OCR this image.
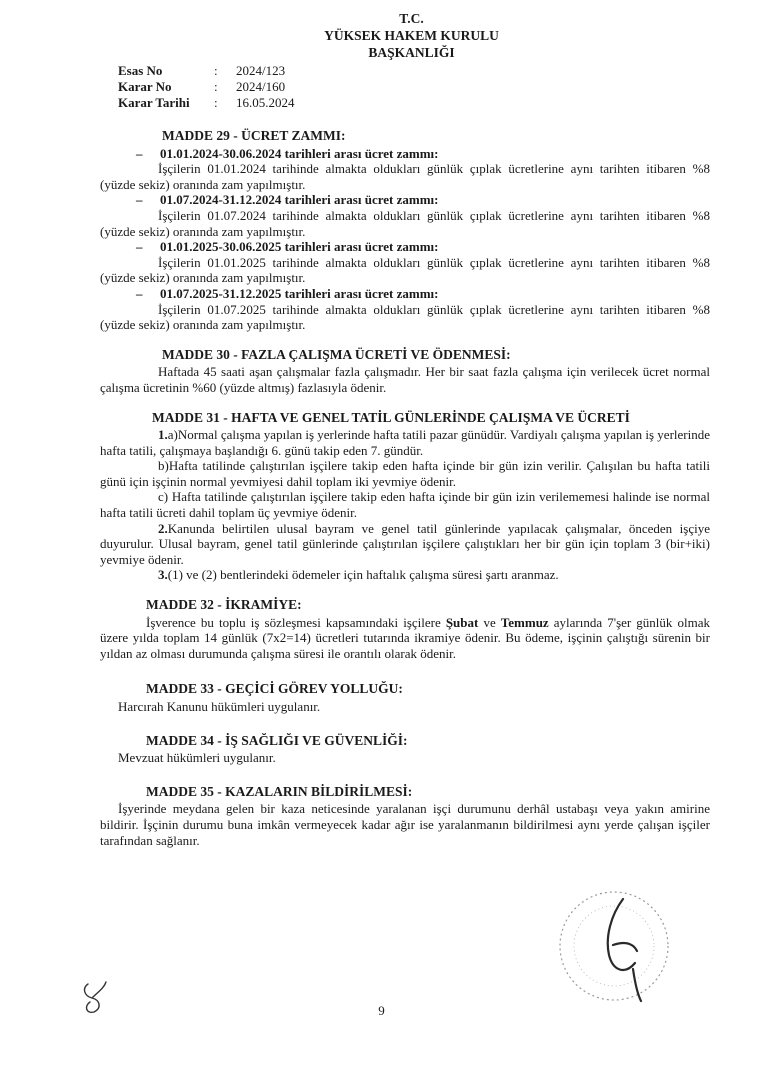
T.C.
YÜKSEK HAKEM KURULU
BAŞKANLIĞI
Esas No	:	2024/123
Karar No	:	2024/160
Karar Tarihi	:	16.05.2024
MADDE 29 - ÜCRET ZAMMI:
– 01.01.2024-30.06.2024 tarihleri arası ücret zammı:

İşçilerin 01.01.2024 tarihinde almakta oldukları günlük çıplak ücretlerine aynı tarihten itibaren %8 (yüzde sekiz) oranında zam yapılmıştır.

– 01.07.2024-31.12.2024 tarihleri arası ücret zammı:

İşçilerin 01.07.2024 tarihinde almakta oldukları günlük çıplak ücretlerine aynı tarihten itibaren %8 (yüzde sekiz) oranında zam yapılmıştır.

– 01.01.2025-30.06.2025 tarihleri arası ücret zammı:

İşçilerin 01.01.2025 tarihinde almakta oldukları günlük çıplak ücretlerine aynı tarihten itibaren %8 (yüzde sekiz) oranında zam yapılmıştır.

– 01.07.2025-31.12.2025 tarihleri arası ücret zammı:

İşçilerin 01.07.2025 tarihinde almakta oldukları günlük çıplak ücretlerine aynı tarihten itibaren %8 (yüzde sekiz) oranında zam yapılmıştır.

MADDE 30 - FAZLA ÇALIŞMA ÜCRETİ VE ÖDENMESİ:

Haftada 45 saati aşan çalışmalar fazla çalışmadır. Her bir saat fazla çalışma için verilecek ücret normal çalışma ücretinin %60 (yüzde altmış) fazlasıyla ödenir.

MADDE 31 - HAFTA VE GENEL TATİL GÜNLERİNDE ÇALIŞMA VE ÜCRETİ

1.a)Normal çalışma yapılan iş yerlerinde hafta tatili pazar günüdür. Vardiyalı çalışma yapılan iş yerlerinde hafta tatili, çalışmaya başlandığı 6. günü takip eden 7. gündür.

b)Hafta tatilinde çalıştırılan işçilere takip eden hafta içinde bir gün izin verilir. Çalışılan bu hafta tatili günü için işçinin normal yevmiyesi dahil toplam iki yevmiye ödenir.

c) Hafta tatilinde çalıştırılan işçilere takip eden hafta içinde bir gün izin verilememesi halinde ise normal hafta tatili ücreti dahil toplam üç yevmiye ödenir.

2.Kanunda belirtilen ulusal bayram ve genel tatil günlerinde yapılacak çalışmalar, önceden işçiye duyurulur. Ulusal bayram, genel tatil günlerinde çalıştırılan işçilere çalıştıkları her bir gün için toplam 3 (bir+iki) yevmiye ödenir.

3.(1) ve (2) bentlerindeki ödemeler için haftalık çalışma süresi şartı aranmaz.

MADDE 32 - İKRAMİYE:

İşverence bu toplu iş sözleşmesi kapsamındaki işçilere Şubat ve Temmuz aylarında 7'şer günlük olmak üzere yılda toplam 14 günlük (7x2=14) ücretleri tutarında ikramiye ödenir. Bu ödeme, işçinin çalıştığı sürenin bir yıldan az olması durumunda çalışma süresi ile orantılı olarak ödenir.

MADDE 33 - GEÇİCİ GÖREV YOLLUĞU:

Harcırah Kanunu hükümleri uygulanır.

MADDE 34 - İŞ SAĞLIĞI VE GÜVENLİĞİ:

Mevzuat hükümleri uygulanır.

MADDE 35 - KAZALARIN BİLDİRİLMESİ:

İşyerinde meydana gelen bir kaza neticesinde yaralanan işçi durumunu derhâl ustabaşı veya yakın amirine bildirir. İşçinin durumu buna imkân vermeyecek kadar ağır ise yaralanmanın bildirilmesi aynı yerde çalışan işçiler tarafından sağlanır.

9
